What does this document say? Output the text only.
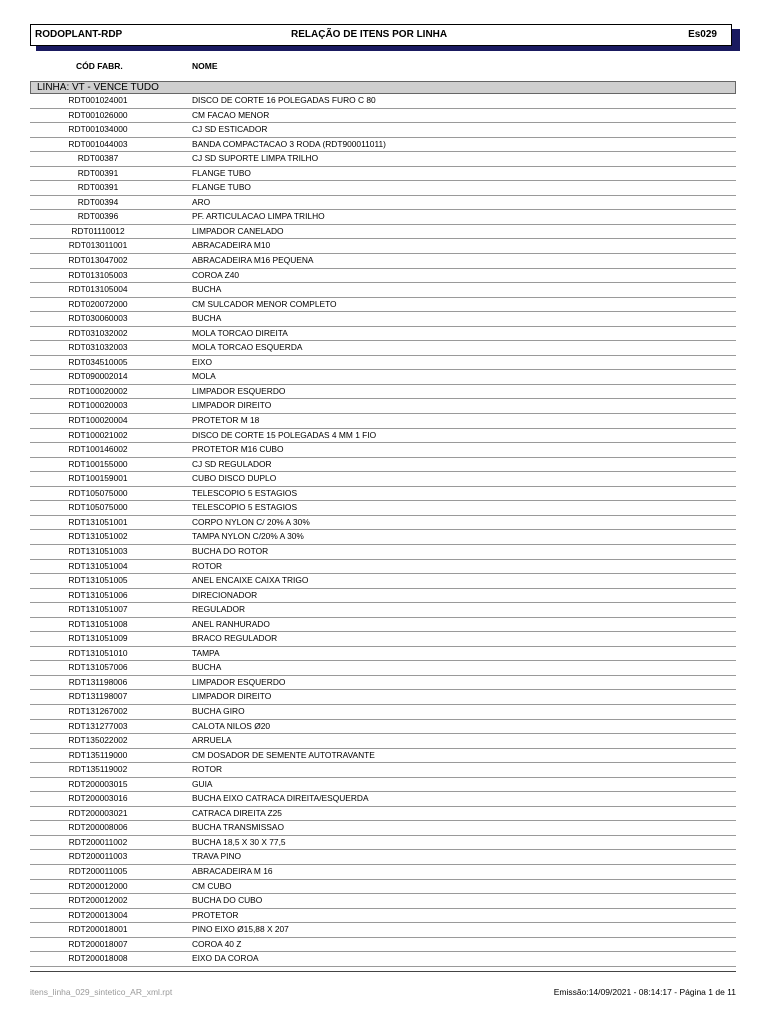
RODOPLANT-RDP	RELAÇÃO DE ITENS POR LINHA	Es029
CÓD FABR.	NOME
LINHA: VT - VENCE TUDO
RDT001024001	DISCO DE CORTE 16 POLEGADAS FURO C 80
RDT001026000	CM FACAO MENOR
RDT001034000	CJ SD ESTICADOR
RDT001044003	BANDA COMPACTACAO 3 RODA (RDT900011011)
RDT00387	CJ SD SUPORTE LIMPA TRILHO
RDT00391	FLANGE TUBO
RDT00391	FLANGE TUBO
RDT00394	ARO
RDT00396	PF. ARTICULACAO LIMPA TRILHO
RDT01110012	LIMPADOR CANELADO
RDT013011001	ABRACADEIRA M10
RDT013047002	ABRACADEIRA M16 PEQUENA
RDT013105003	COROA Z40
RDT013105004	BUCHA
RDT020072000	CM SULCADOR MENOR COMPLETO
RDT030060003	BUCHA
RDT031032002	MOLA TORCAO DIREITA
RDT031032003	MOLA TORCAO ESQUERDA
RDT034510005	EIXO
RDT090002014	MOLA
RDT100020002	LIMPADOR ESQUERDO
RDT100020003	LIMPADOR DIREITO
RDT100020004	PROTETOR M 18
RDT100021002	DISCO DE CORTE 15 POLEGADAS 4 MM 1 FIO
RDT100146002	PROTETOR M16 CUBO
RDT100155000	CJ SD REGULADOR
RDT100159001	CUBO DISCO DUPLO
RDT105075000	TELESCOPIO 5 ESTAGIOS
RDT105075000	TELESCOPIO 5 ESTAGIOS
RDT131051001	CORPO NYLON C/ 20% A 30%
RDT131051002	TAMPA NYLON C/20% A 30%
RDT131051003	BUCHA DO ROTOR
RDT131051004	ROTOR
RDT131051005	ANEL ENCAIXE CAIXA TRIGO
RDT131051006	DIRECIONADOR
RDT131051007	REGULADOR
RDT131051008	ANEL RANHURADO
RDT131051009	BRACO REGULADOR
RDT131051010	TAMPA
RDT131057006	BUCHA
RDT131198006	LIMPADOR ESQUERDO
RDT131198007	LIMPADOR DIREITO
RDT131267002	BUCHA GIRO
RDT131277003	CALOTA NILOS Ø20
RDT135022002	ARRUELA
RDT135119000	CM DOSADOR DE SEMENTE AUTOTRAVANTE
RDT135119002	ROTOR
RDT200003015	GUIA
RDT200003016	BUCHA EIXO CATRACA DIREITA/ESQUERDA
RDT200003021	CATRACA DIREITA Z25
RDT200008006	BUCHA TRANSMISSAO
RDT200011002	BUCHA 18,5 X 30 X 77,5
RDT200011003	TRAVA PINO
RDT200011005	ABRACADEIRA M 16
RDT200012000	CM CUBO
RDT200012002	BUCHA DO CUBO
RDT200013004	PROTETOR
RDT200018001	PINO EIXO Ø15,88 X 207
RDT200018007	COROA 40 Z
RDT200018008	EIXO DA COROA
itens_linha_029_sintetico_AR_xml.rpt	Emissão:14/09/2021 - 08:14:17 - Página 1 de 11
